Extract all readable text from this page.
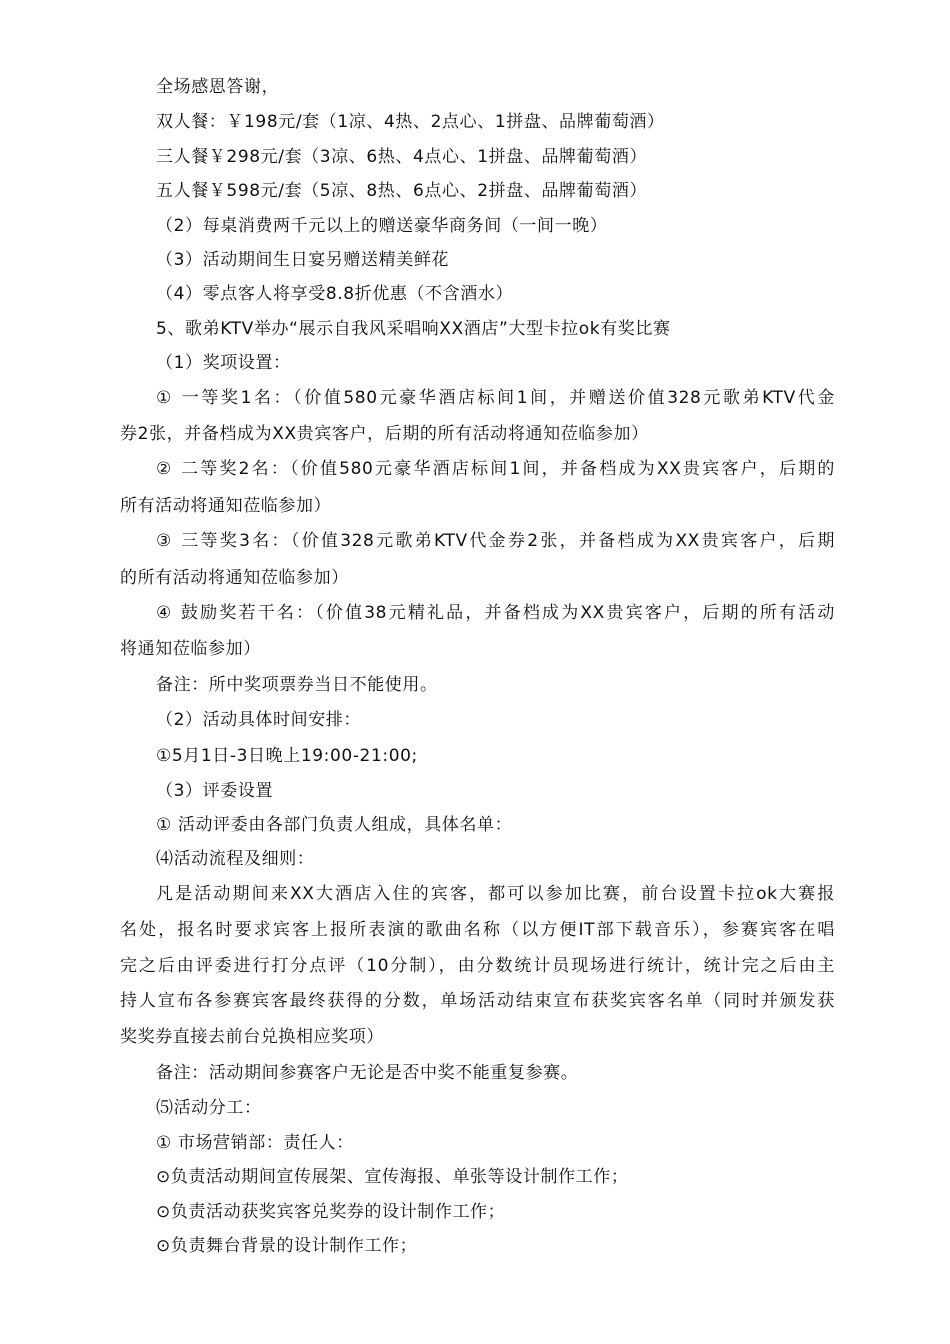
全场感恩答谢，
双人餐：￥198元/套（1凉、4热、2点心、1拼盘、品牌葡萄酒）
三人餐￥298元/套（3凉、6热、4点心、1拼盘、品牌葡萄酒）
五人餐￥598元/套（5凉、8热、6点心、2拼盘、品牌葡萄酒）
（2）每桌消费两千元以上的赠送豪华商务间（一间一晚）
（3）活动期间生日宴另赠送精美鲜花
（4）零点客人将享受8.8折优惠（不含酒水）
5、歌弟KTV举办“展示自我风采唱响XX酒店”大型卡拉ok有奖比赛
（1）奖项设置：
① 一等奖1名：（价值580元豪华酒店标间1间，并赠送价值328元歌弟KTV代金
券2张，并备档成为XX贵宾客户，后期的所有活动将通知莅临参加）
② 二等奖2名：（价值580元豪华酒店标间1间，并备档成为XX贵宾客户，后期的
所有活动将通知莅临参加）
③ 三等奖3名：（价值328元歌弟KTV代金券2张，并备档成为XX贵宾客户，后期
的所有活动将通知莅临参加）
④ 鼓励奖若干名：（价值38元精礼品，并备档成为XX贵宾客户，后期的所有活动
将通知莅临参加）
备注：所中奖项票券当日不能使用。
（2）活动具体时间安排：
①5月1日-3日晚上19:00-21:00;
（3）评委设置
① 活动评委由各部门负责人组成，具体名单：
⑷活动流程及细则：
凡是活动期间来XX大酒店入住的宾客，都可以参加比赛，前台设置卡拉ok大赛报
名处，报名时要求宾客上报所表演的歌曲名称（以方便IT部下载音乐），参赛宾客在唱
完之后由评委进行打分点评（10分制），由分数统计员现场进行统计，统计完之后由主
持人宣布各参赛宾客最终获得的分数，单场活动结束宣布获奖宾客名单（同时并颁发获
奖奖券直接去前台兑换相应奖项）
备注：活动期间参赛客户无论是否中奖不能重复参赛。
⑸活动分工：
① 市场营销部：责任人：
⊙负责活动期间宣传展架、宣传海报、单张等设计制作工作；
⊙负责活动获奖宾客兑奖券的设计制作工作；
⊙负责舞台背景的设计制作工作；
